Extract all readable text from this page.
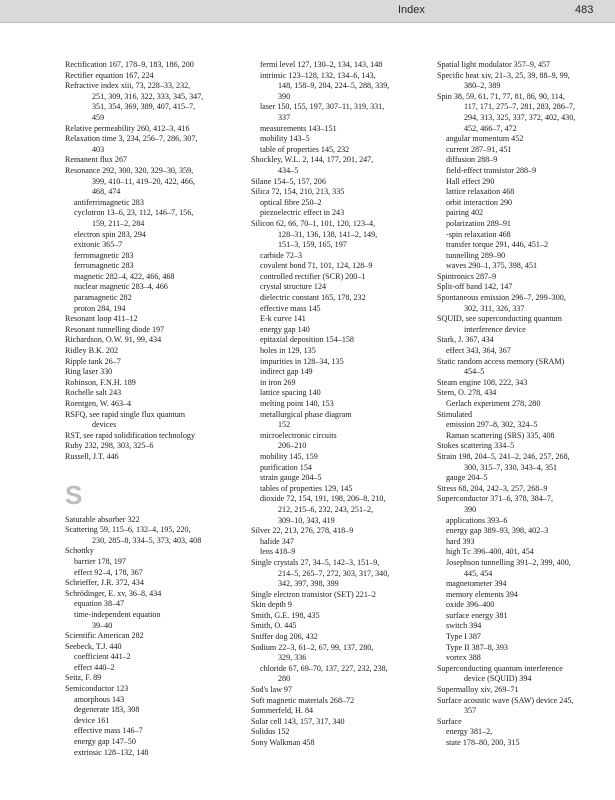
Index	483
Rectification 167, 178–9, 183, 186, 200
Rectifier equation 167, 224
Refractive index xiii, 73, 228–33, 232,
251, 309, 316, 322, 333, 345, 347,
351, 354, 369, 389, 407, 415–7,
459
Relative permeability 260, 412–3, 416
Relaxation time 3, 234, 256–7, 286, 307,
403
Remanent flux 267
Resonance 292, 300, 320, 329–30, 359,
399, 410–11, 419–20, 422, 466,
468, 474
antiferrimagnetic 283
cyclotron 13–6, 23, 112, 146–7, 156,
159, 211–2, 284
electron spin 283, 294
exitonic 365–7
ferromagnetic 283
ferromagnetic 283
magnetic 282–4, 422, 466, 468
nuclear magnetic 283–4, 466
paramagnetic 282
proton 284, 194
Resonant loop 411–12
Resonant tunnelling diode 197
Richardson, O.W. 91, 99, 434
Ridley B.K. 202
Ripple tank 26–7
Ring laser 330
Robinson, F.N.H. 189
Rochelle salt 243
Roentgen, W. 463–4
RSFQ, see rapid single flux quantum
devices
RST, see rapid solidification technology
Ruby 232, 298, 303, 325–6
Russell, J.T. 446
S
Saturable absorber 322
Scattering 59, 115–6, 132–4, 195, 220,
230, 285–8, 334–5, 373, 403, 408
Schottky
barrier 178, 197
effect 92–4, 178, 367
Schrieffer, J.R. 372, 434
Schrödinger, E. xv, 36–8, 434
equation 38–47
time-independent equation
39–40
Scientific American 282
Seebeck, T.J. 440
coefficient 441–2
effect 440–2
Seitz, F. 89
Semiconductor 123
amorphous 143
degenerate 183, 308
device 161
effective mass 146–7
energy gap 147–50
extrinsic 128–132, 148
fermi level 127, 130–2, 134, 143, 148
intrinsic 123–128, 132, 134–6, 143,
148, 158–9, 204, 224–5, 288, 339,
390
laser 150, 155, 197, 307–11, 319, 331,
337
measurements 143–151
mobility 143–5
table of properties 145, 232
Shockley, W.L. 2, 144, 177, 201, 247,
434–5
Silane 154–5, 157, 206
Silica 72, 154, 210, 213, 335
optical fibre 250–2
piezoelectric effect in 243
Silicon 62, 66, 70–1, 101, 120, 123–4,
128–31, 136, 138, 141–2, 149,
151–3, 159, 165, 197
carbide 72–3
covalent bond 71, 101, 124, 128–9
controlled rectifier (SCR) 200–1
crystal structure 124
dielectric constant 165, 178, 232
effective mass 145
E-k curve 141
energy gap 140
epitaxial deposition 154–158
holes in 129, 135
impurities in 128–34, 135
indirect gap 149
in iron 269
lattice spacing 140
melting point 140, 153
metallurgical phase diagram
152
microelectronic circuits
206–210
mobility 145, 159
purification 154
strain gauge 204–5
tables of properties 129, 145
dioxide 72, 154, 191, 198, 206–8, 210,
212, 215–6, 232, 243, 251–2,
309–10, 343, 419
Silver 22, 213, 276, 278, 418–9
halide 347
lens 418–9
Single crystals 27, 34–5, 142–3, 151–9,
214–5, 265–7, 272, 303, 317, 340,
342, 397, 398, 399
Single electron transistor (SET) 221–2
Skin depth 9
Smith, G.E. 198, 435
Smith, O. 445
Sniffer dog 206, 432
Sodium 22–3, 61–2, 67, 99, 137, 280,
329, 336
chloride 67, 69–70, 137, 227, 232, 238,
280
Sod's law 97
Soft magnetic materials 268–72
Sommerfeld, H. 84
Solar cell 143, 157, 317, 340
Solidus 152
Sony Walkman 458
Spatial light modulator 357–9, 457
Specific heat xiv, 21–3, 25, 39, 88–9, 99,
380–2, 389
Spin 38, 59, 61, 71, 77, 81, 86, 90, 114,
117, 171, 275–7, 281, 283, 286–7,
294, 313, 325, 337, 372, 402, 430,
452, 466–7, 472
angular momentum 452
current 287–91, 451
diffusion 288–9
field-effect transistor 288–9
Hall effect 290
lattice relaxation 468
orbit interaction 290
pairing 402
polarization 289–91
-spin relaxation 468
transfer torque 291, 446, 451–2
tunnelling 289–90
waves 290–1, 375, 398, 451
Spintronics 287–9
Split-off band 142, 147
Spontaneous emission 296–7, 299–300,
302, 311, 326, 337
SQUID, see superconducting quantum
interference device
Stark, J. 367, 434
effect 343, 364, 367
Static random access memory (SRAM)
454–5
Steam engine 108, 222, 343
Stern, O. 278, 434
Gerlach experiment 278, 280
Stimulated
emission 297–8, 302, 324–5
Raman scattering (SRS) 335, 408
Stokes scattering 334–5
Strain 198, 204–5, 241–2, 246, 257, 268,
300, 315–7, 330, 343–4, 351
gauge 204–5
Stress 68, 204, 242–3, 257, 268–9
Superconductor 371–6, 378, 384–7,
390
applications 393–6
energy gap 389–93, 398, 402–3
hard 393
high Tᴄ 396–400, 401, 454
Josephson tunnelling 391–2, 399, 400,
445, 454
magnetometer 394
memory elements 394
oxide 396–400
surface energy 381
switch 394
Type I 387
Type II 387–8, 393
vortex 388
Superconducting quantum interference
device (SQUID) 394
Supermalloy xiv, 269–71
Surface acoustic wave (SAW) device 245,
357
Surface
energy 381–2,
state 178–80, 200, 315
